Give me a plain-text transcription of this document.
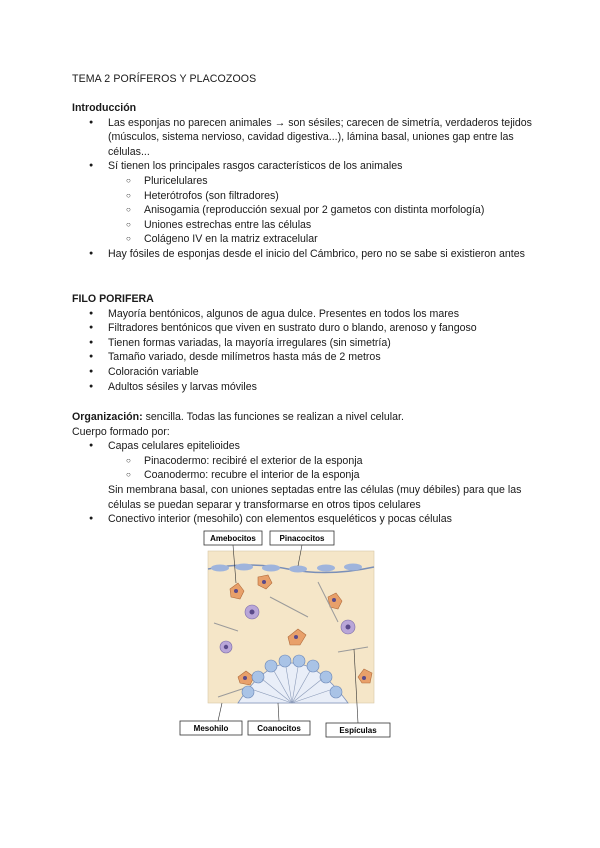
TEMA 2 PORÍFEROS Y PLACOZOOS
Introducción
● Las esponjas no parecen animales → son sésiles; carecen de simetría, verdaderos tejidos (músculos, sistema nervioso, cavidad digestiva...), lámina basal, uniones gap entre las células...
● Sí tienen los principales rasgos característicos de los animales
○ Pluricelulares
○ Heterótrofos (son filtradores)
○ Anisogamia (reproducción sexual por 2 gametos con distinta morfología)
○ Uniones estrechas entre las células
○ Colágeno IV en la matriz extracelular
● Hay fósiles de esponjas desde el inicio del Cámbrico, pero no se sabe si existieron antes
FILO PORIFERA
● Mayoría bentónicos, algunos de agua dulce. Presentes en todos los mares
● Filtradores bentónicos que viven en sustrato duro o blando, arenoso y fangoso
● Tienen formas variadas, la mayoría irregulares (sin simetría)
● Tamaño variado, desde milímetros hasta más de 2 metros
● Coloración variable
● Adultos sésiles y larvas móviles
Organización: sencilla. Todas las funciones se realizan a nivel celular.
Cuerpo formado por:
● Capas celulares epitelioides
○ Pinacodermo: recibiré el exterior de la esponja
○ Coanodermo: recubre el interior de la esponja
Sin membrana basal, con uniones septadas entre las células (muy débiles) para que las células se puedan separar y transformarse en otros tipos celulares
● Conectivo interior (mesohilo) con elementos esqueléticos y pocas células
Amebocitos	Pinacocitos
Mesohilo	Coanocitos	Espículas
